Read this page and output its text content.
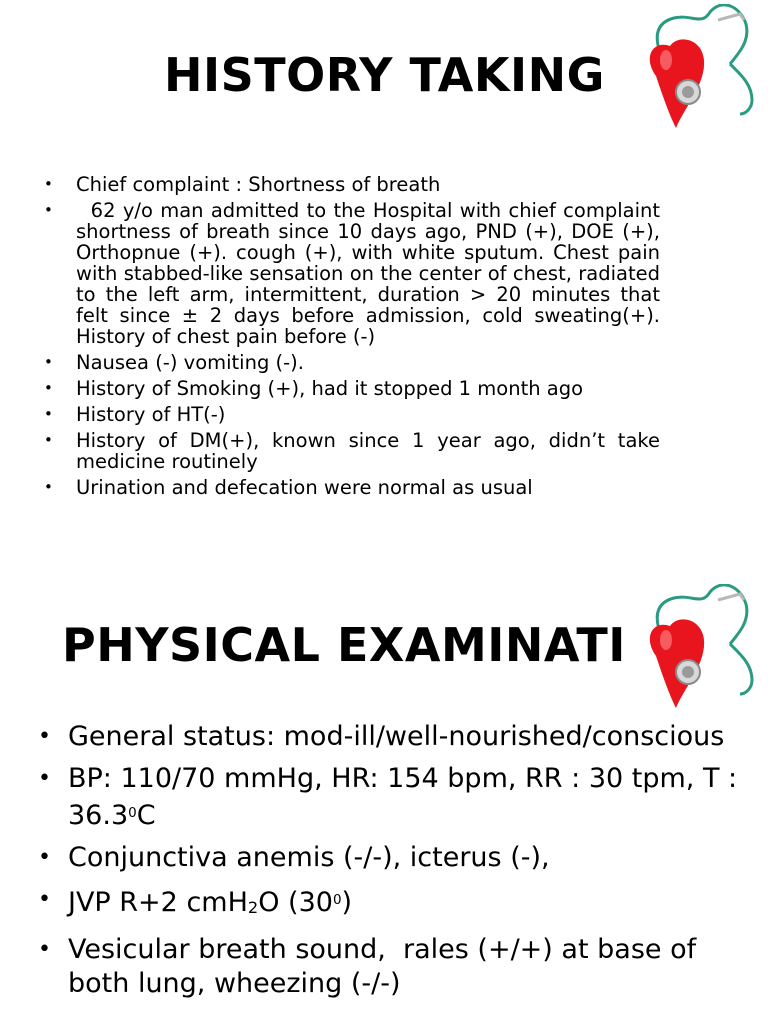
HISTORY TAKING
• Chief complaint : Shortness of breath
•   62 y/o man admitted to the Hospital with chief complaint shortness of breath since 10 days ago, PND (+), DOE (+), Orthopnue (+). cough (+), with white sputum. Chest pain with stabbed-like sensation on the center of chest, radiated to the left arm, intermittent, duration > 20 minutes that felt since ± 2 days before admission, cold sweating(+). History of chest pain before (-)
• Nausea (-) vomiting (-).
• History of Smoking (+), had it stopped 1 month ago
• History of HT(-)
• History of DM(+), known since 1 year ago, didn’t take medicine routinely
• Urination and defecation were normal as usual
PHYSICAL EXAMINATI
• General status: mod-ill/well-nourished/conscious
• BP: 110/70 mmHg, HR: 154 bpm, RR : 30 tpm, T : 36.3$^0$C
• Conjunctiva anemis (-/-), icterus (-),
• JVP R+2 cmH$_2$O $(30^0)$
• Vesicular breath sound,  rales (+/+) at base of both lung, wheezing (-/-)
